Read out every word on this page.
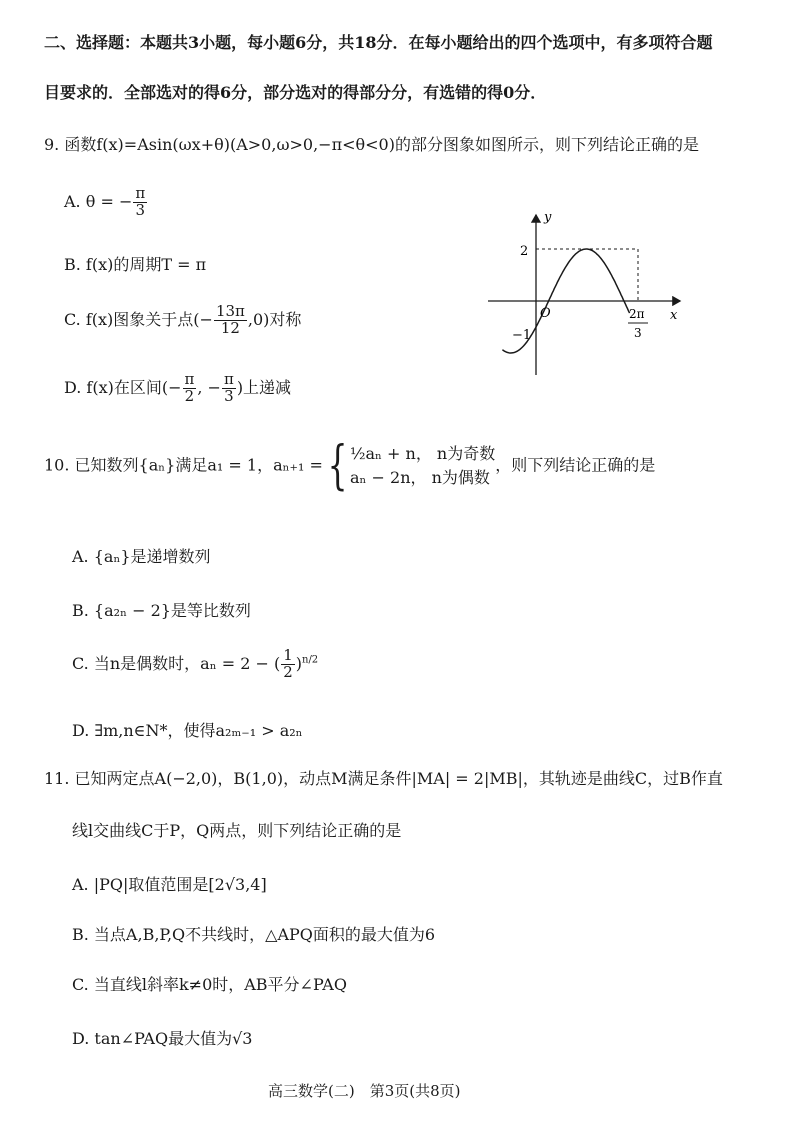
二、选择题：本题共3小题，每小题6分，共18分．在每小题给出的四个选项中，有多项符合题
目要求的．全部选对的得6分，部分选对的得部分分，有选错的得0分．
9. 函数f(x)=Asin(ωx+θ)(A>0,ω>0,−π<θ<0)的部分图象如图所示，则下列结论正确的是
A. θ = − $\frac{\pi}{3}$
B. f(x)的周期T = π
C. f(x)图象关于点(− $\frac{13\pi}{12} ,0$)对称
D. f(x)在区间(− $\frac{\pi}{2}$ , − $\frac{\pi}{3}$ )上递减
y
x
O
2
−1
2π
3
10. 已知数列{aₙ}满足a₁ = 1，aₙ₊₁ ={ ½aₙ + n， n为奇数
aₙ − 2n， n为偶数
，则下列结论正确的是
A. {aₙ}是递增数列
B. {a₂ₙ − 2}是等比数列
C. 当n是偶数时，aₙ = 2 − ( $\frac{1}{2} )^{n/2}$
D. ∃m,n∈N*，使得a₂ₘ₋₁ > a₂ₙ
11. 已知两定点A(−2,0)，B(1,0)，动点M满足条件|MA| = 2|MB|，其轨迹是曲线C，过B作直
线l交曲线C于P，Q两点，则下列结论正确的是
A. |PQ|取值范围是[2√3,4]
B. 当点A,B,P,Q不共线时，△APQ面积的最大值为6
C. 当直线l斜率k≠0时，AB平分∠PAQ
D. tan∠PAQ最大值为√3
高三数学(二)　第3页(共8页)
